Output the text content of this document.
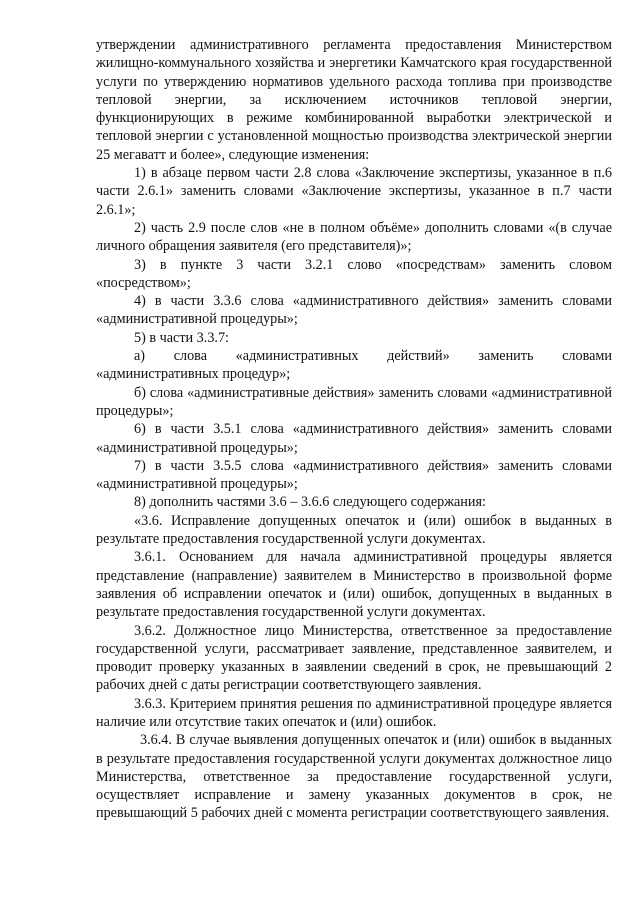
утверждении административного регламента предоставления Министерством жилищно-коммунального хозяйства и энергетики Камчатского края государственной услуги по утверждению нормативов удельного расхода топлива при производстве тепловой энергии, за исключением источников тепловой энергии, функционирующих в режиме комбинированной выработки электрической и тепловой энергии с установленной мощностью производства электрической энергии 25 мегаватт и более», следующие изменения:

1) в абзаце первом части 2.8 слова «Заключение экспертизы, указанное в п.6 части 2.6.1» заменить словами «Заключение экспертизы, указанное в п.7 части 2.6.1»;

2) часть 2.9 после слов «не в полном объёме» дополнить словами «(в случае личного обращения заявителя (его представителя)»;

3) в пункте 3 части 3.2.1 слово «посредствам» заменить словом «посредством»;

4) в части 3.3.6 слова «административного действия» заменить словами «административной процедуры»;

5) в части 3.3.7:

а) слова «административных действий» заменить словами «административных процедур»;

б) слова «административные действия» заменить словами «административной процедуры»;

6) в части 3.5.1 слова «административного действия» заменить словами «административной процедуры»;

7) в части 3.5.5 слова «административного действия» заменить словами «административной процедуры»;

8) дополнить частями 3.6 – 3.6.6 следующего содержания:

«3.6. Исправление допущенных опечаток и (или) ошибок в выданных в результате предоставления государственной услуги документах.

3.6.1. Основанием для начала административной процедуры является представление (направление) заявителем в Министерство в произвольной форме заявления об исправлении опечаток и (или) ошибок, допущенных в выданных в результате предоставления государственной услуги документах.

3.6.2. Должностное лицо Министерства, ответственное за предоставление государственной услуги, рассматривает заявление, представленное заявителем, и проводит проверку указанных в заявлении сведений в срок, не превышающий 2 рабочих дней с даты регистрации соответствующего заявления.

3.6.3. Критерием принятия решения по административной процедуре является наличие или отсутствие таких опечаток и (или) ошибок.

3.6.4. В случае выявления допущенных опечаток и (или) ошибок в выданных в результате предоставления государственной услуги документах должностное лицо Министерства, ответственное за предоставление государственной услуги, осуществляет исправление и замену указанных документов в срок, не превышающий 5 рабочих дней с момента регистрации соответствующего заявления.
